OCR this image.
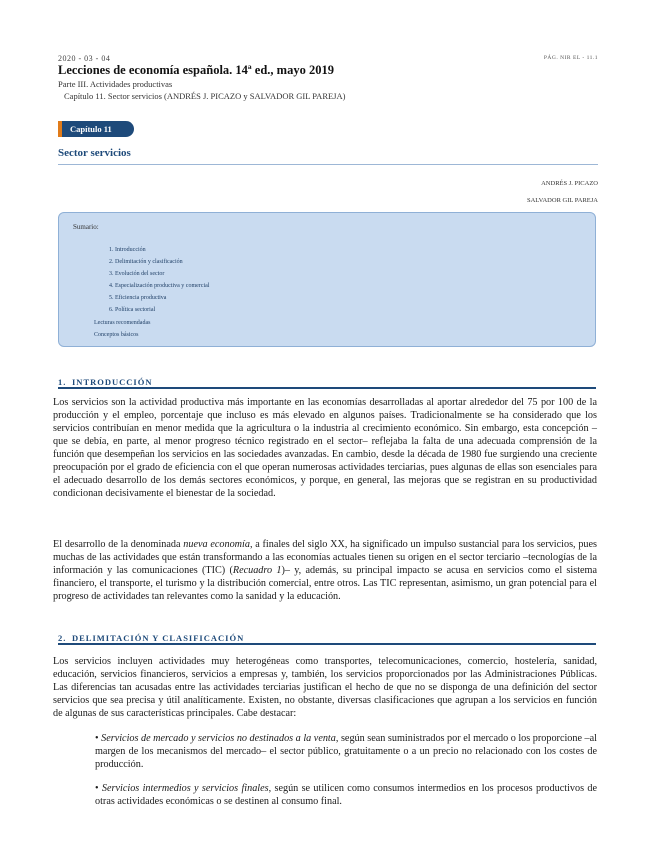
2020 - 03 - 04	PÁG. NIR EL - 11.1
Lecciones de economía española. 14ª ed., mayo 2019
Parte III. Actividades productivas
Capítulo 11. Sector servicios (ANDRÉS J. PICAZO y SALVADOR GIL PAREJA)
Capítulo 11
Sector servicios
ANDRÉS J. PICAZO
SALVADOR GIL PAREJA
Sumario:
1. Introducción
2. Delimitación y clasificación
3. Evolución del sector
4. Especialización productiva y comercial
5. Eficiencia productiva
6. Política sectorial
Lecturas recomendadas
Conceptos básicos
1. INTRODUCCIÓN
Los servicios son la actividad productiva más importante en las economías desarrolladas al aportar alrededor del 75 por 100 de la producción y el empleo, porcentaje que incluso es más elevado en algunos países. Tradicionalmente se ha considerado que los servicios contribuían en menor medida que la agricultura o la industria al crecimiento económico. Sin embargo, esta concepción –que se debía, en parte, al menor progreso técnico registrado en el sector– reflejaba la falta de una adecuada comprensión de la función que desempeñan los servicios en las sociedades avanzadas. En cambio, desde la década de 1980 fue surgiendo una creciente preocupación por el grado de eficiencia con el que operan numerosas actividades terciarias, pues algunas de ellas son esenciales para el adecuado desarrollo de los demás sectores económicos, y porque, en general, las mejoras que se registran en su productividad condicionan decisivamente el bienestar de la sociedad.
El desarrollo de la denominada nueva economía, a finales del siglo XX, ha significado un impulso sustancial para los servicios, pues muchas de las actividades que están transformando a las economías actuales tienen su origen en el sector terciario –tecnologías de la información y las comunicaciones (TIC) (Recuadro 1)– y, además, su principal impacto se acusa en servicios como el sistema financiero, el transporte, el turismo y la distribución comercial, entre otros. Las TIC representan, asimismo, un gran potencial para el progreso de actividades tan relevantes como la sanidad y la educación.
2. DELIMITACIÓN Y CLASIFICACIÓN
Los servicios incluyen actividades muy heterogéneas como transportes, telecomunicaciones, comercio, hostelería, sanidad, educación, servicios financieros, servicios a empresas y, también, los servicios proporcionados por las Administraciones Públicas. Las diferencias tan acusadas entre las actividades terciarias justifican el hecho de que no se disponga de una definición del sector servicios que sea precisa y útil analíticamente. Existen, no obstante, diversas clasificaciones que agrupan a los servicios en función de algunas de sus características principales. Cabe destacar:
• Servicios de mercado y servicios no destinados a la venta, según sean suministrados por el mercado o los proporcione –al margen de los mecanismos del mercado– el sector público, gratuitamente o a un precio no relacionado con los costes de producción.
• Servicios intermedios y servicios finales, según se utilicen como consumos intermedios en los procesos productivos de otras actividades económicas o se destinen al consumo final.
